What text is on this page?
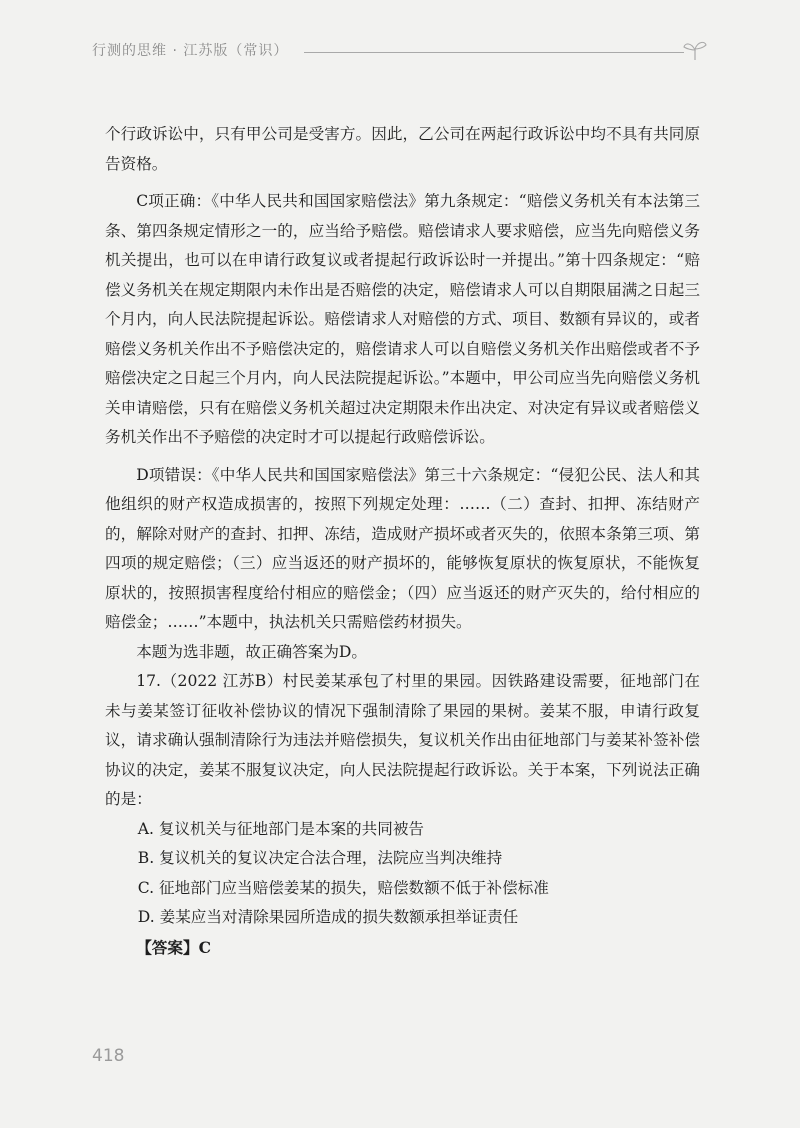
行测的思维 · 江苏版（常识）

个行政诉讼中，只有甲公司是受害方。因此，乙公司在两起行政诉讼中均不具有共同原告资格。

C项正确：《中华人民共和国国家赔偿法》第九条规定：“赔偿义务机关有本法第三条、第四条规定情形之一的，应当给予赔偿。赔偿请求人要求赔偿，应当先向赔偿义务机关提出，也可以在申请行政复议或者提起行政诉讼时一并提出。”第十四条规定：“赔偿义务机关在规定期限内未作出是否赔偿的决定，赔偿请求人可以自期限届满之日起三个月内，向人民法院提起诉讼。赔偿请求人对赔偿的方式、项目、数额有异议的，或者赔偿义务机关作出不予赔偿决定的，赔偿请求人可以自赔偿义务机关作出赔偿或者不予赔偿决定之日起三个月内，向人民法院提起诉讼。”本题中，甲公司应当先向赔偿义务机关申请赔偿，只有在赔偿义务机关超过决定期限未作出决定、对决定有异议或者赔偿义务机关作出不予赔偿的决定时才可以提起行政赔偿诉讼。

D项错误：《中华人民共和国国家赔偿法》第三十六条规定：“侵犯公民、法人和其他组织的财产权造成损害的，按照下列规定处理：……（二）查封、扣押、冻结财产的，解除对财产的查封、扣押、冻结，造成财产损坏或者灭失的，依照本条第三项、第四项的规定赔偿；（三）应当返还的财产损坏的，能够恢复原状的恢复原状，不能恢复原状的，按照损害程度给付相应的赔偿金；（四）应当返还的财产灭失的，给付相应的赔偿金；……”本题中，执法机关只需赔偿药材损失。

本题为选非题，故正确答案为D。

17.（2022 江苏B）村民姜某承包了村里的果园。因铁路建设需要，征地部门在未与姜某签订征收补偿协议的情况下强制清除了果园的果树。姜某不服，申请行政复议，请求确认强制清除行为违法并赔偿损失，复议机关作出由征地部门与姜某补签补偿协议的决定，姜某不服复议决定，向人民法院提起行政诉讼。关于本案，下列说法正确的是：

A. 复议机关与征地部门是本案的共同被告

B. 复议机关的复议决定合法合理，法院应当判决维持

C. 征地部门应当赔偿姜某的损失，赔偿数额不低于补偿标准

D. 姜某应当对清除果园所造成的损失数额承担举证责任

【答案】C

418
